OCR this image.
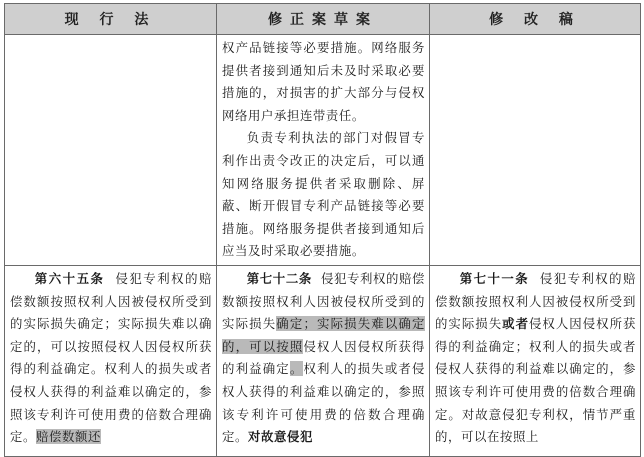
现 行 法	修正案草案	修 改 稿

	权产品链接等必要措施。网络服务提供者接到通知后未及时采取必要措施的，对损害的扩大部分与侵权网络用户承担连带责任。
负责专利执法的部门对假冒专利作出责令改正的决定后，可以通知网络服务提供者采取删除、屏蔽、断开假冒专利产品链接等必要措施。网络服务提供者接到通知后应当及时采取必要措施。	

第六十五条 侵犯专利权的赔偿数额按照权利人因被侵权所受到的实际损失确定；实际损失难以确定的，可以按照侵权人因侵权所获得的利益确定。权利人的损失或者侵权人获得的利益难以确定的，参照该专利许可使用费的倍数合理确定。赔偿数额还	第七十二条 侵犯专利权的赔偿数额按照权利人因被侵权所受到的实际损失确定；实际损失难以确定的，可以按照侵权人因侵权所获得的利益确定。权利人的损失或者侵权人获得的利益难以确定的，参照该专利许可使用费的倍数合理确定。对故意侵犯	第七十一条 侵犯专利权的赔偿数额按照权利人因被侵权所受到的实际损失或者侵权人因侵权所获得的利益确定；权利人的损失或者侵权人获得的利益难以确定的，参照该专利许可使用费的倍数合理确定。对故意侵犯专利权，情节严重的，可以在按照上
